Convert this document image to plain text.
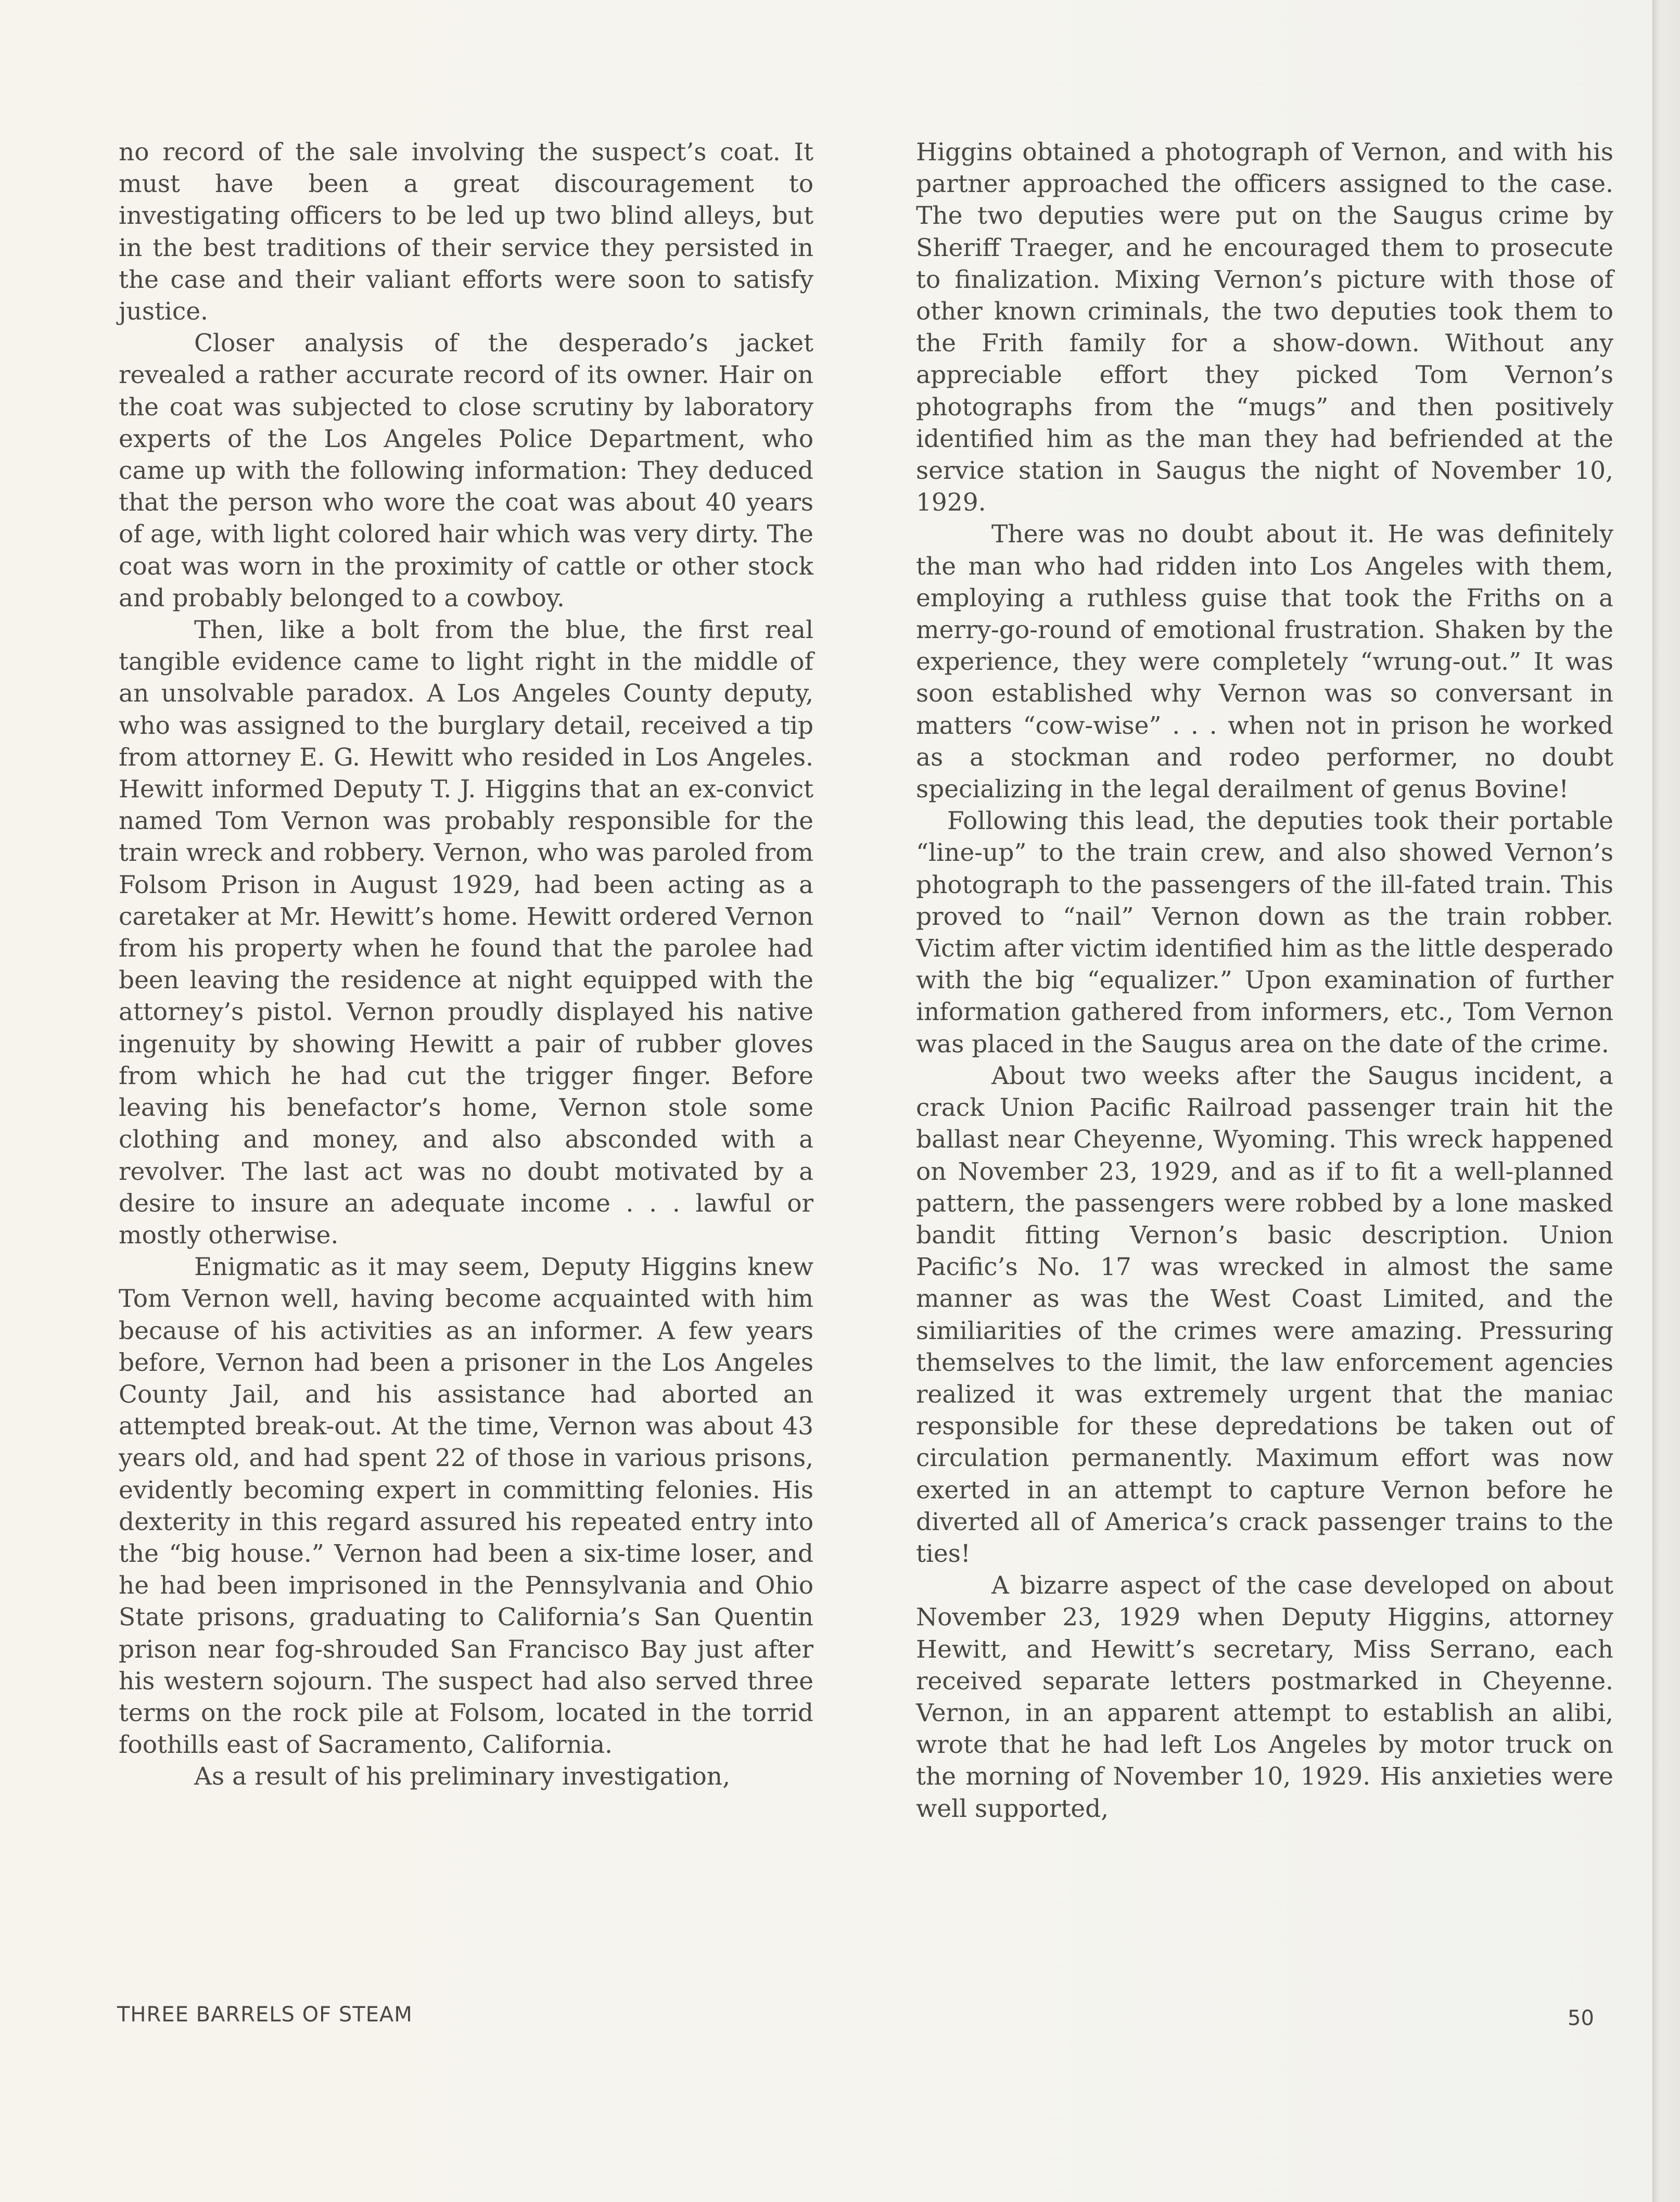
no record of the sale involving the suspect’s coat. It must have been a great discouragement to investigating officers to be led up two blind alleys, but in the best traditions of their service they persisted in the case and their valiant efforts were soon to satisfy justice.

Closer analysis of the desperado’s jacket revealed a rather accurate record of its owner. Hair on the coat was subjected to close scrutiny by laboratory experts of the Los Angeles Police Department, who came up with the following information: They deduced that the person who wore the coat was about 40 years of age, with light colored hair which was very dirty. The coat was worn in the proximity of cattle or other stock and probably belonged to a cowboy.

Then, like a bolt from the blue, the first real tangible evidence came to light right in the middle of an unsolvable paradox. A Los Angeles County deputy, who was assigned to the burglary detail, received a tip from attorney E. G. Hewitt who resided in Los Angeles. Hewitt informed Deputy T. J. Higgins that an ex-convict named Tom Vernon was probably responsible for the train wreck and robbery. Vernon, who was paroled from Folsom Prison in August 1929, had been acting as a caretaker at Mr. Hewitt’s home. Hewitt ordered Vernon from his property when he found that the parolee had been leaving the residence at night equipped with the attorney’s pistol. Vernon proudly displayed his native ingenuity by showing Hewitt a pair of rubber gloves from which he had cut the trigger finger. Before leaving his benefactor’s home, Vernon stole some clothing and money, and also absconded with a revolver. The last act was no doubt motivated by a desire to insure an adequate income . . . lawful or mostly otherwise.

Enigmatic as it may seem, Deputy Higgins knew Tom Vernon well, having become acquainted with him because of his activities as an informer. A few years before, Vernon had been a prisoner in the Los Angeles County Jail, and his assistance had aborted an attempted break-out. At the time, Vernon was about 43 years old, and had spent 22 of those in various prisons, evidently becoming expert in committing felonies. His dexterity in this regard assured his repeated entry into the “big house.” Vernon had been a six-time loser, and he had been imprisoned in the Pennsylvania and Ohio State prisons, graduating to California’s San Quentin prison near fog-shrouded San Francisco Bay just after his western sojourn. The suspect had also served three terms on the rock pile at Folsom, located in the torrid foothills east of Sacramento, California.

As a result of his preliminary investigation,

Higgins obtained a photograph of Vernon, and with his partner approached the officers assigned to the case. The two deputies were put on the Saugus crime by Sheriff Traeger, and he encouraged them to prosecute to finalization. Mixing Vernon’s picture with those of other known criminals, the two deputies took them to the Frith family for a show-down. Without any appreciable effort they picked Tom Vernon’s photographs from the “mugs” and then positively identified him as the man they had befriended at the service station in Saugus the night of November 10, 1929.

There was no doubt about it. He was definitely the man who had ridden into Los Angeles with them, employing a ruthless guise that took the Friths on a merry-go-round of emotional frustration. Shaken by the experience, they were completely “wrung-out.” It was soon established why Vernon was so conversant in matters “cow-wise” . . . when not in prison he worked as a stockman and rodeo performer, no doubt specializing in the legal derailment of genus Bovine!

Following this lead, the deputies took their portable “line-up” to the train crew, and also showed Vernon’s photograph to the passengers of the ill-fated train. This proved to “nail” Vernon down as the train robber. Victim after victim identified him as the little desperado with the big “equalizer.” Upon examination of further information gathered from informers, etc., Tom Vernon was placed in the Saugus area on the date of the crime.

About two weeks after the Saugus incident, a crack Union Pacific Railroad passenger train hit the ballast near Cheyenne, Wyoming. This wreck happened on November 23, 1929, and as if to fit a well-planned pattern, the passengers were robbed by a lone masked bandit fitting Vernon’s basic description. Union Pacific’s No. 17 was wrecked in almost the same manner as was the West Coast Limited, and the similiarities of the crimes were amazing. Pressuring themselves to the limit, the law enforcement agencies realized it was extremely urgent that the maniac responsible for these depredations be taken out of circulation permanently. Maximum effort was now exerted in an attempt to capture Vernon before he diverted all of America’s crack passenger trains to the ties!

A bizarre aspect of the case developed on about November 23, 1929 when Deputy Higgins, attorney Hewitt, and Hewitt’s secretary, Miss Serrano, each received separate letters postmarked in Cheyenne. Vernon, in an apparent attempt to establish an alibi, wrote that he had left Los Angeles by motor truck on the morning of November 10, 1929. His anxieties were well supported,

THREE BARRELS OF STEAM	50
